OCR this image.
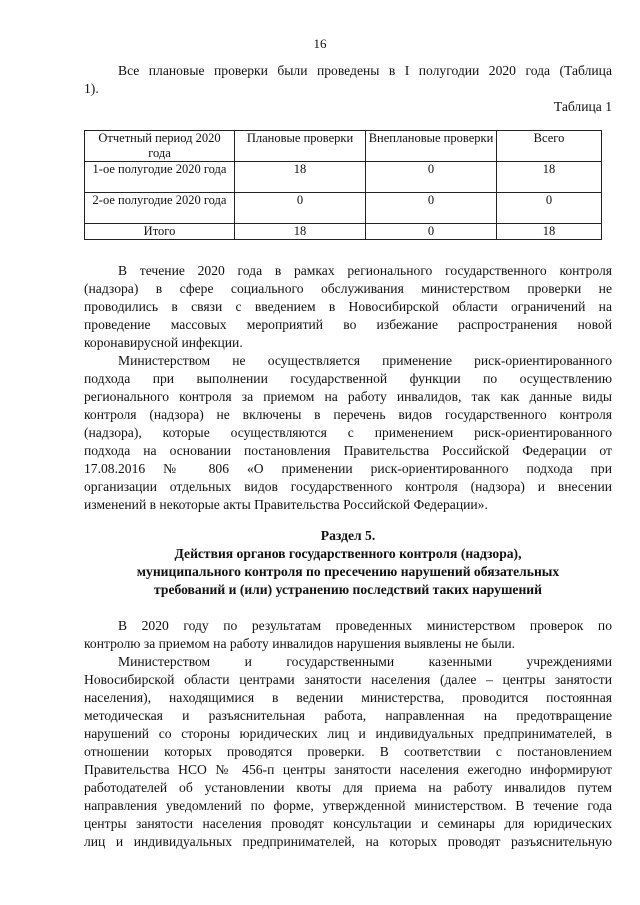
16
Все плановые проверки были проведены в I полугодии 2020 года (Таблица
1).
Таблица 1
Отчетный период 2020 года	Плановые проверки	Внеплановые проверки	Всего
1-ое полугодие 2020 года	18	0	18
2-ое полугодие 2020 года	0	0	0
Итого	18	0	18
В течение 2020 года в рамках регионального государственного контроля
(надзора) в сфере социального обслуживания министерством проверки не
проводились в связи с введением в Новосибирской области ограничений на
проведение массовых мероприятий во избежание распространения новой
коронавирусной инфекции.
Министерством не осуществляется применение риск-ориентированного
подхода при выполнении государственной функции по осуществлению
регионального контроля за приемом на работу инвалидов, так как данные виды
контроля (надзора) не включены в перечень видов государственного контроля
(надзора), которые осуществляются с применением риск-ориентированного
подхода на основании постановления Правительства Российской Федерации от
17.08.2016 № 806 «О применении риск-ориентированного подхода при
организации отдельных видов государственного контроля (надзора) и внесении
изменений в некоторые акты Правительства Российской Федерации».
Раздел 5.
Действия органов государственного контроля (надзора),
муниципального контроля по пресечению нарушений обязательных
требований и (или) устранению последствий таких нарушений
В 2020 году по результатам проведенных министерством проверок по
контролю за приемом на работу инвалидов нарушения выявлены не были.
Министерством и государственными казенными учреждениями
Новосибирской области центрами занятости населения (далее – центры занятости
населения), находящимися в ведении министерства, проводится постоянная
методическая и разъяснительная работа, направленная на предотвращение
нарушений со стороны юридических лиц и индивидуальных предпринимателей, в
отношении которых проводятся проверки. В соответствии с постановлением
Правительства НСО № 456-п центры занятости населения ежегодно информируют
работодателей об установлении квоты для приема на работу инвалидов путем
направления уведомлений по форме, утвержденной министерством. В течение года
центры занятости населения проводят консультации и семинары для юридических
лиц и индивидуальных предпринимателей, на которых проводят разъяснительную
